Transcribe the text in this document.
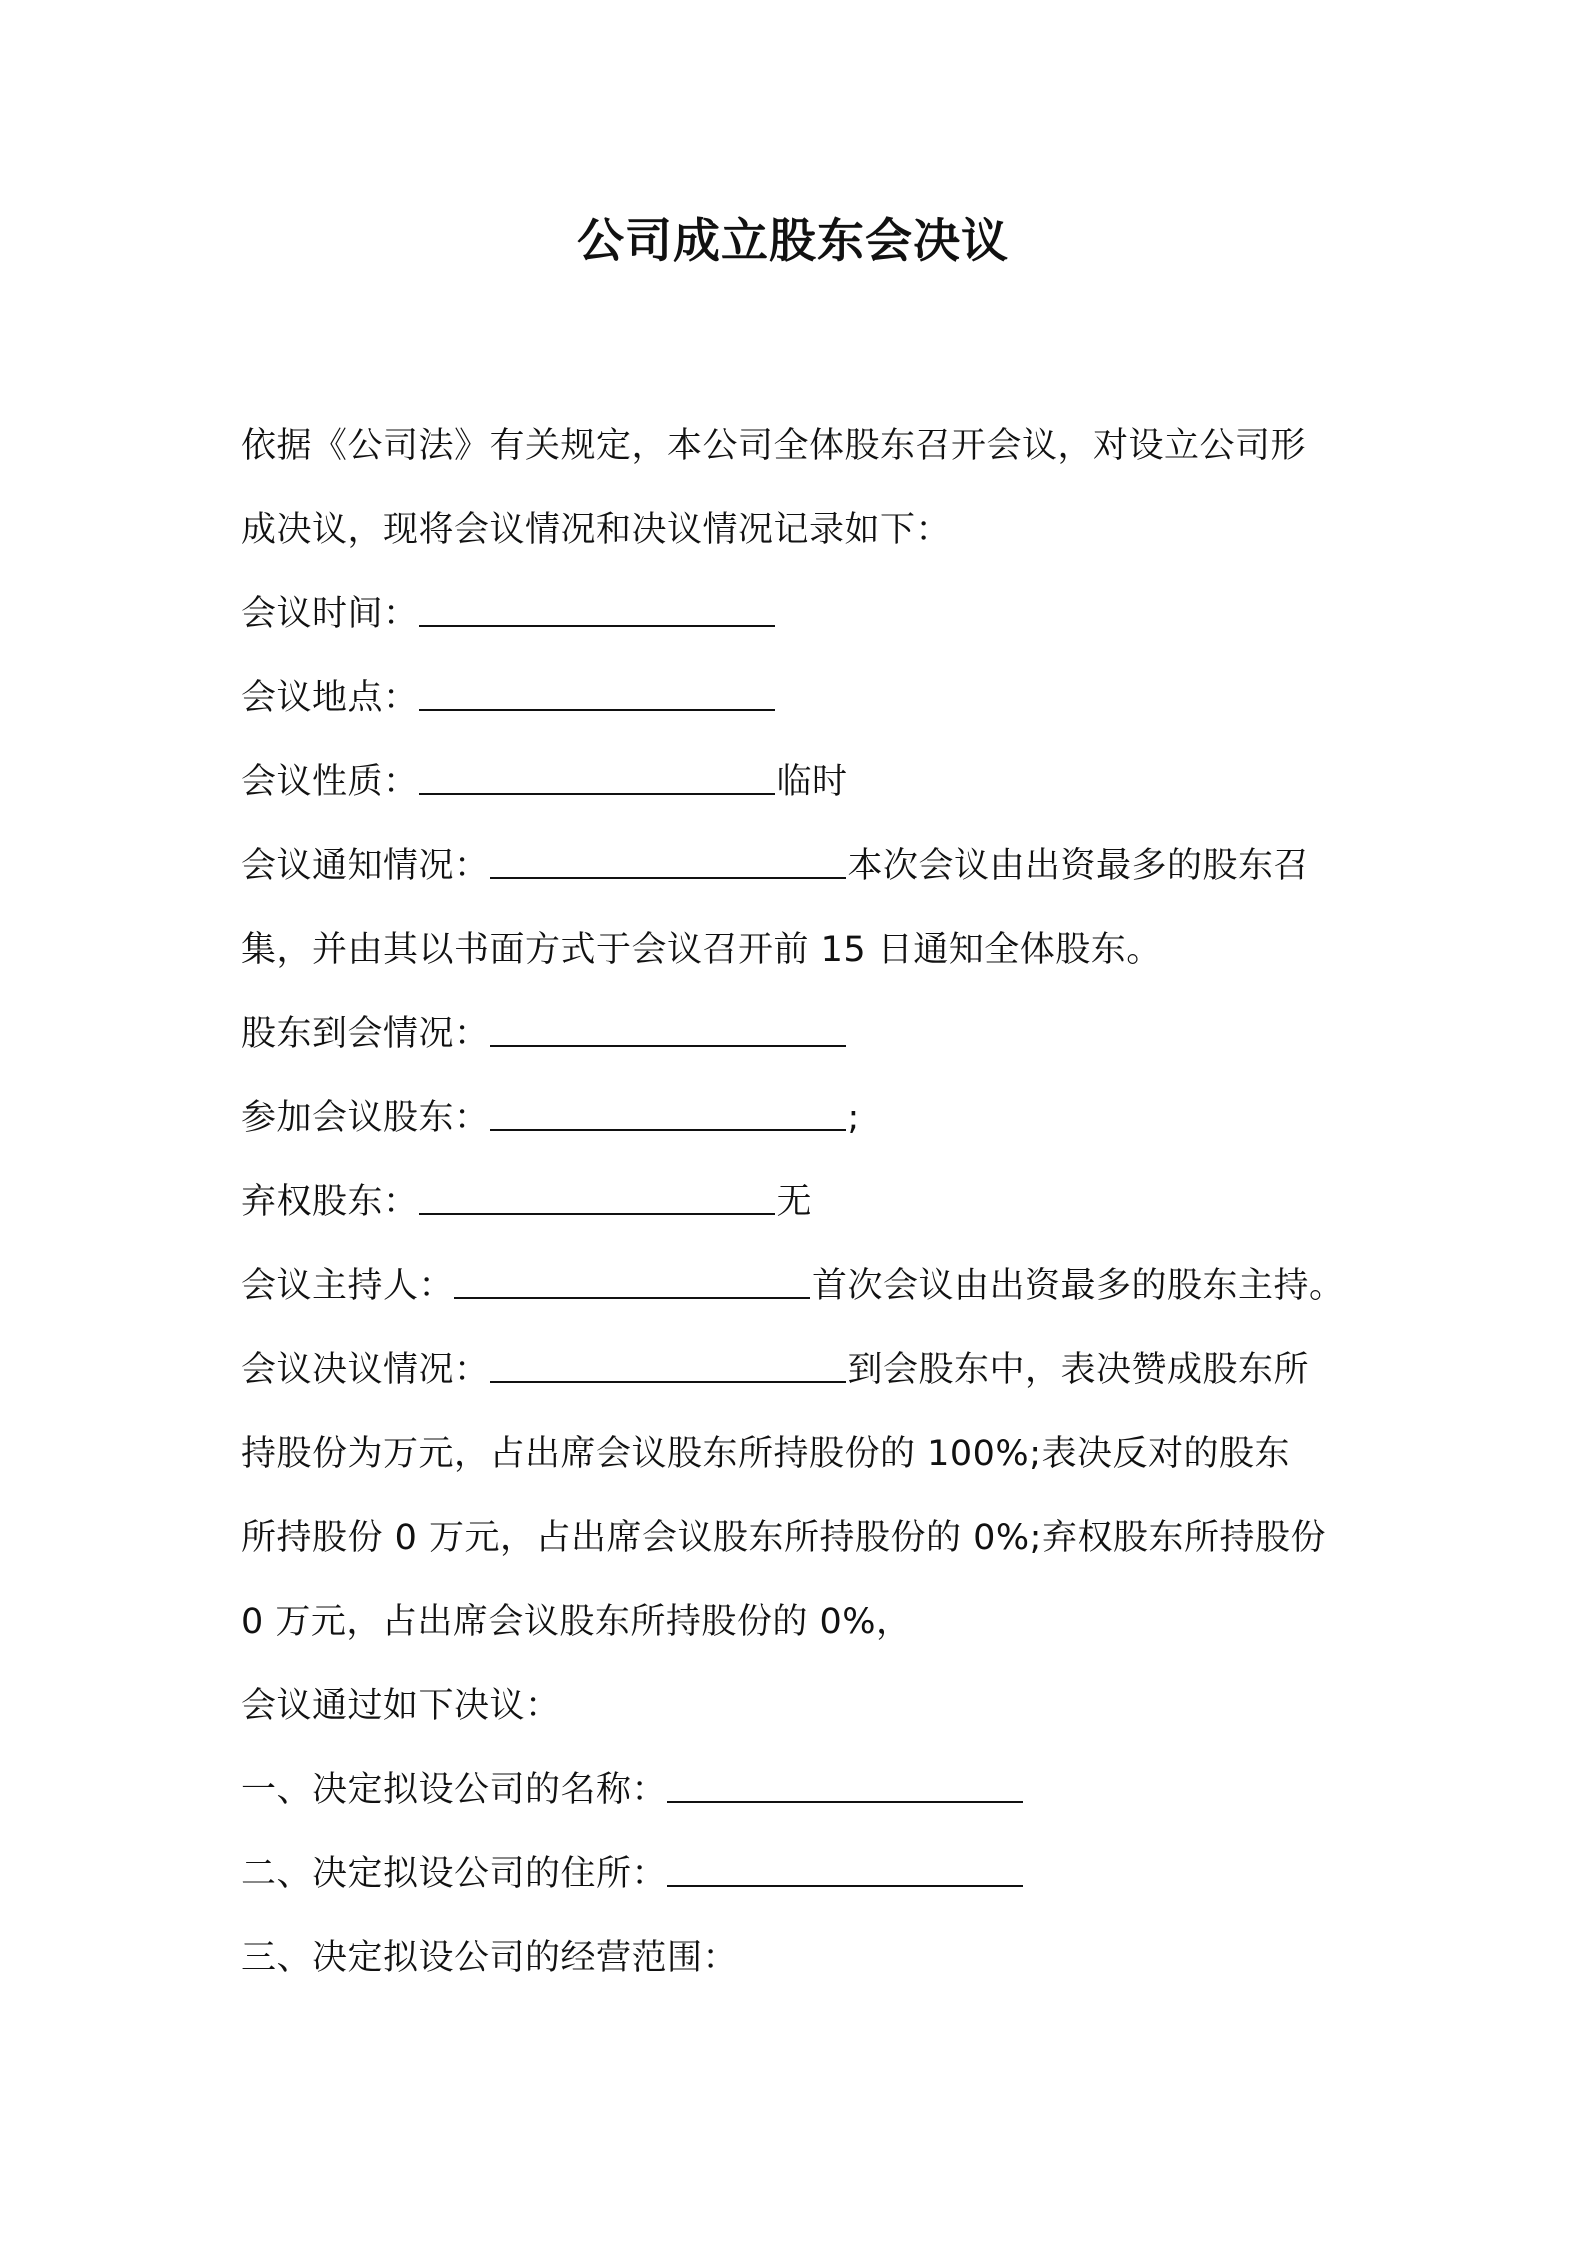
公司成立股东会决议
依据《公司法》有关规定，本公司全体股东召开会议，对设立公司形
成决议，现将会议情况和决议情况记录如下：
会议时间：
会议地点：
会议性质：	临时
会议通知情况：	本次会议由出资最多的股东召
集，并由其以书面方式于会议召开前 15 日通知全体股东。
股东到会情况：
参加会议股东：	;
弃权股东：	无
会议主持人：	首次会议由出资最多的股东主持。
会议决议情况：	到会股东中，表决赞成股东所
持股份为万元，占出席会议股东所持股份的 100%;表决反对的股东
所持股份 0 万元，占出席会议股东所持股份的 0%;弃权股东所持股份
0 万元，占出席会议股东所持股份的 0%，
会议通过如下决议：
一、决定拟设公司的名称：
二、决定拟设公司的住所：
三、决定拟设公司的经营范围：
